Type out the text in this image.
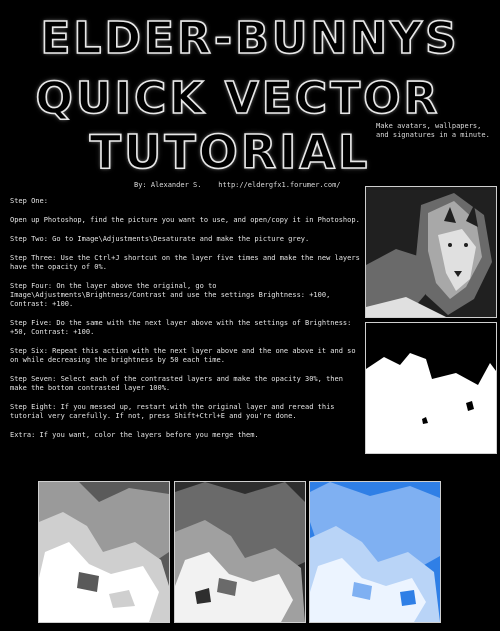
ELDER-BUNNYS
QUICK VECTOR
TUTORIAL Make avatars, wallpapers, and signatures in a minute.
By: Alexander S. http://eldergfx1.forumer.com/

Step One:

Open up Photoshop, find the picture you want to use, and open/copy it in Photoshop.

Step Two: Go to Image\Adjustments\Desaturate and make the picture grey.

Step Three: Use the Ctrl+J shortcut on the layer five times and make the new layers have the opacity of 0%.

Step Four: On the layer above the original, go to Image\Adjustments\Brightness/Contrast and use the settings Brightness: +100, Contrast: +100.

Step Five: Do the same with the next layer above with the settings of Brightness: +50, Contrast: +100.

Step Six: Repeat this action with the next layer above and the one above it and so on while decreasing the brightness by 50 each time.

Step Seven: Select each of the contrasted layers and make the opacity 30%, then make the bottom contrasted layer 100%.

Step Eight: If you messed up, restart with the original layer and reread this tutorial very carefully. If not, press Shift+Ctrl+E and you're done.

Extra: If you want, color the layers before you merge them.
